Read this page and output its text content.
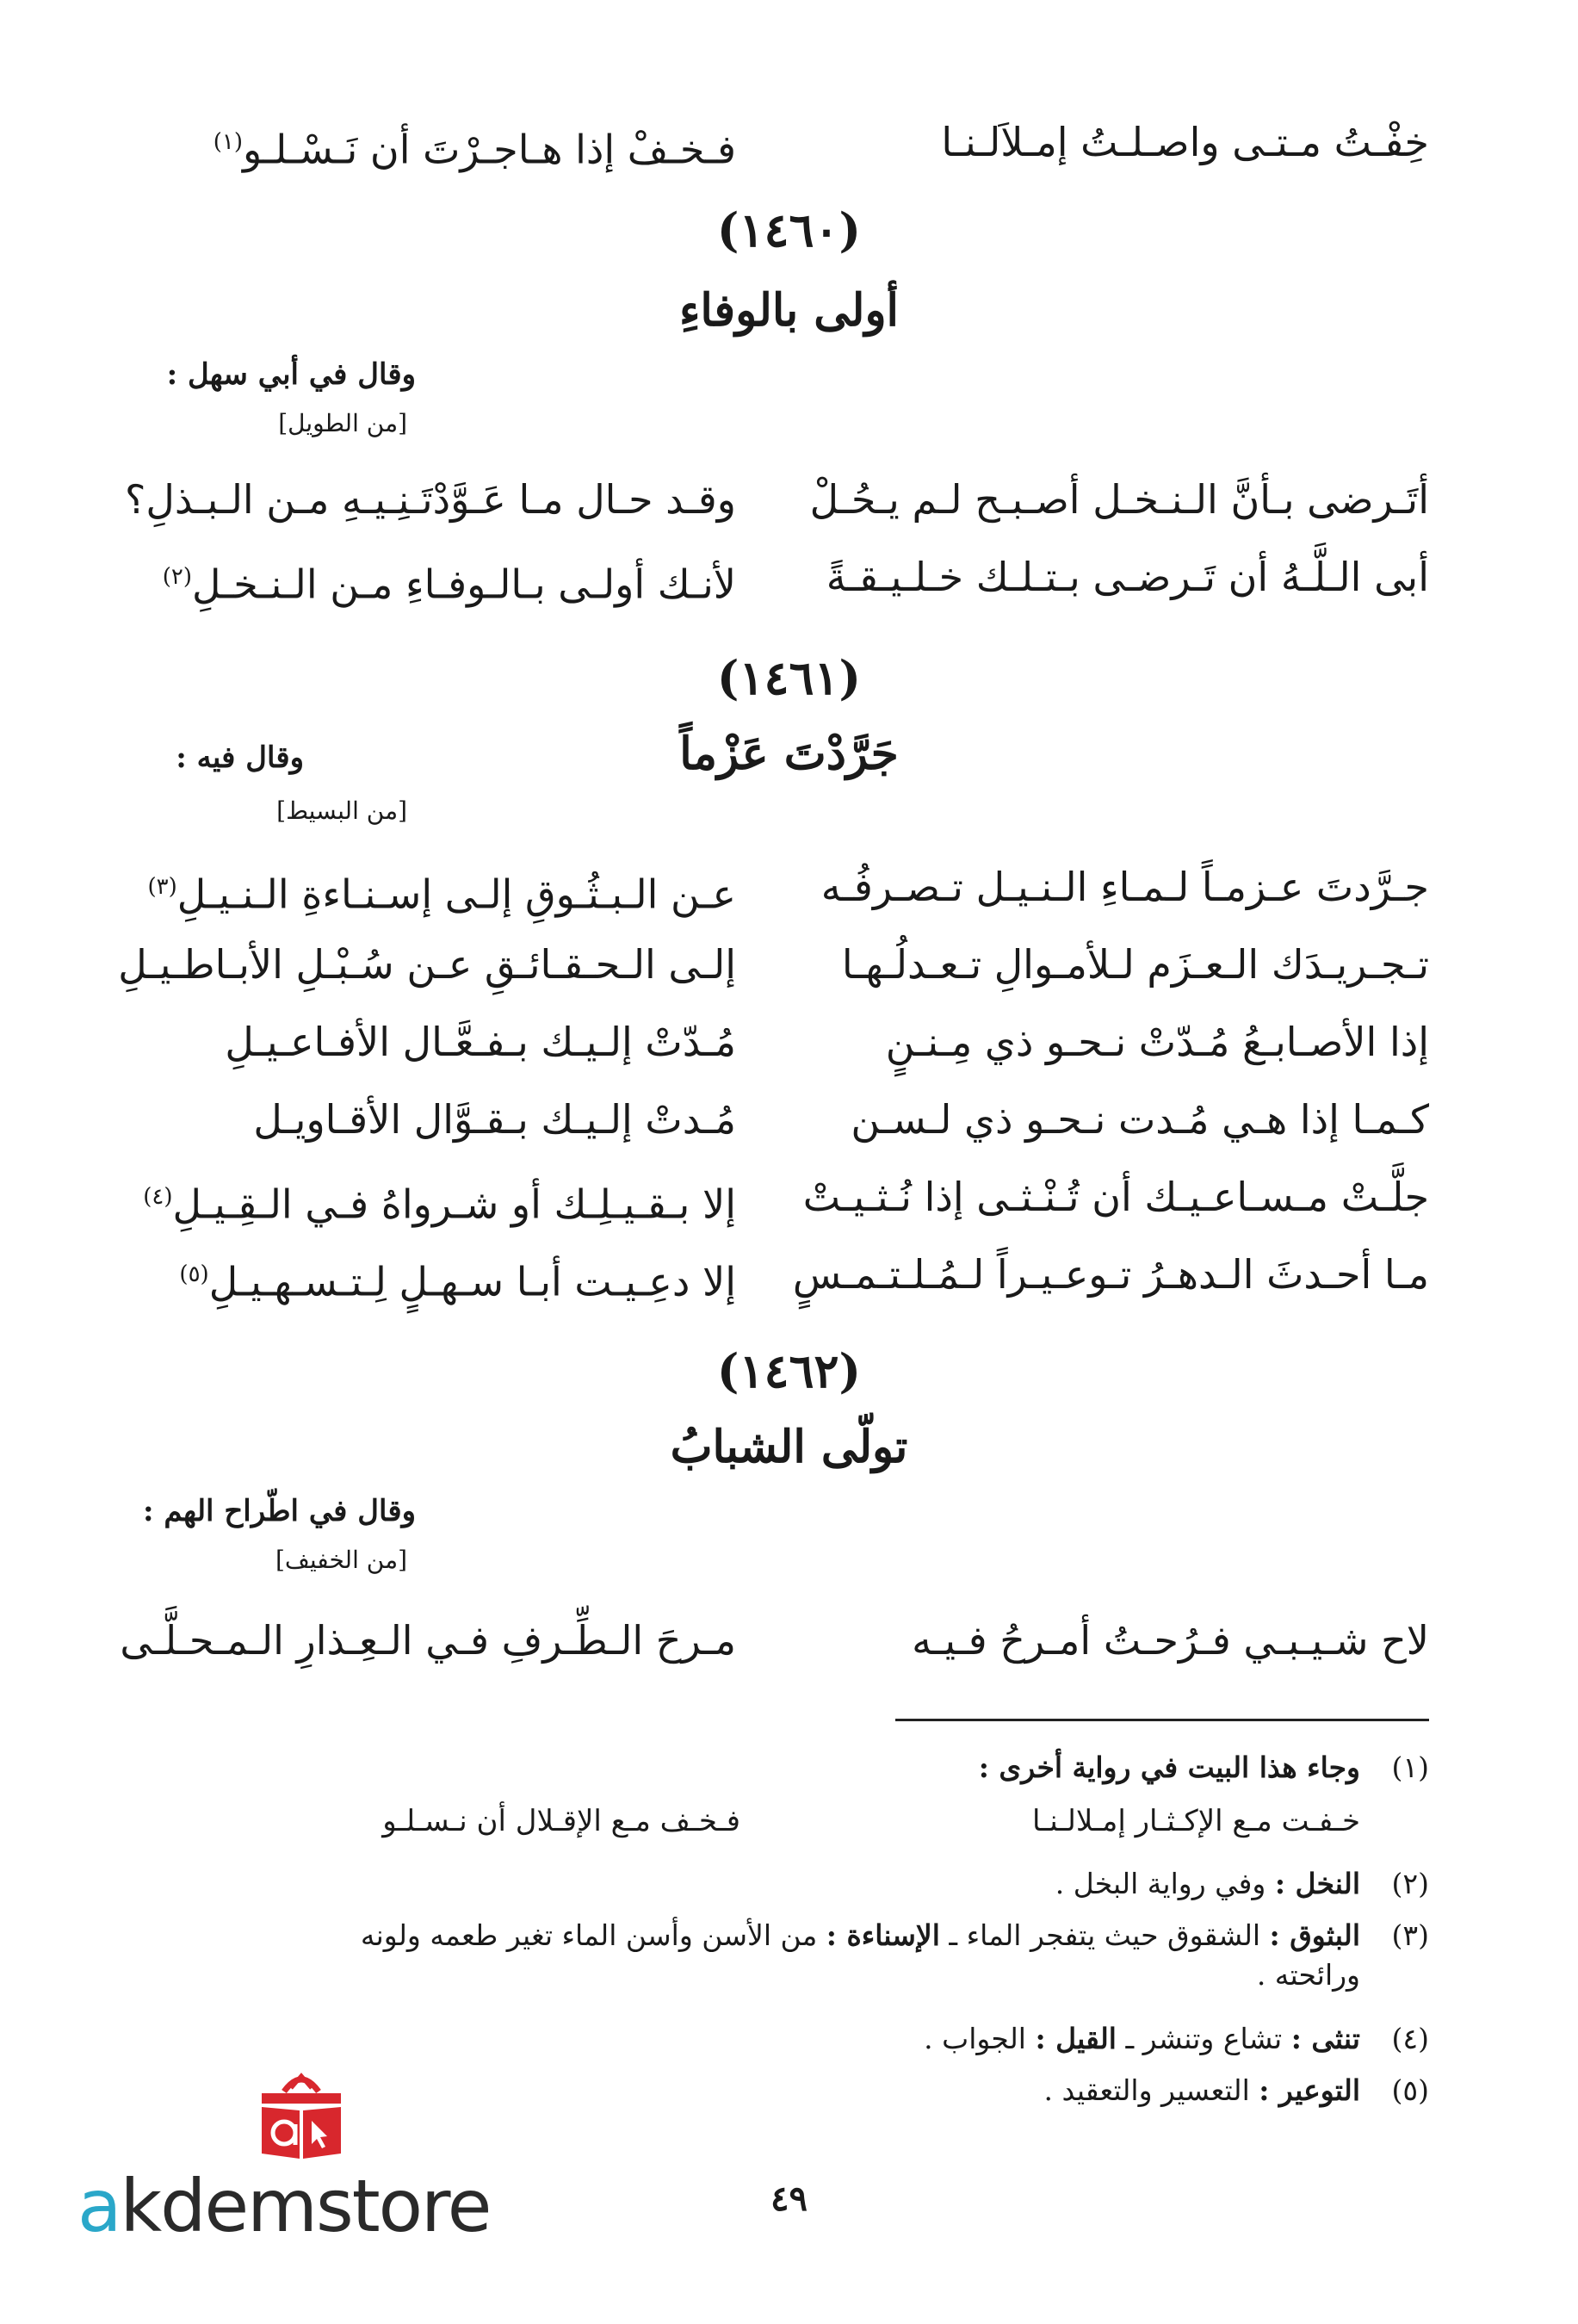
خِفْـتُ مـتـى واصـلـتُ إمـلاَلـنـا
فـخـفْ إذا هـاجـرْتَ أن نَـسْـلـو$^{(١)}$
(١٤٦٠)
أولى بالوفاءِ
وقال في أبي سهل :
[من الطويل]
أتَـرضى بـأنَّ الـنـخـل أصـبـح لـم يـحُـلْ
وقـد حـال مـا عَـوَّدْتَـنِـيـهِ مـن الـبـذلِ؟
أبى الـلَّـهُ أن تَـرضـى بـتـلـك خـلـيـقـةً
لأنـك أولـى بـالـوفـاءِ مـن الـنـخـلِ$^{(٢)}$
(١٤٦١)
جَرَّدْتَ عَزْماً
وقال فيه :
[من البسيط]
جـرَّدتَ عـزمـاً لـمـاءِ الـنـيـل تـصـرفُـه
عـن الـبـثُـوقِ إلـى إسـنـاءةِ الـنـيـلِ$^{(٣)}$
تـجـريـدَك الـعـزَم لـلأمـوالِ تـعـدلُـهـا
إلـى الـحـقـائـقِ عـن سُـبْـلِ الأبـاطـيـلِ
إذا الأصـابـعُ مُـدّتْ نـحـو ذي مِـنـنٍ
مُـدّتْ إلـيـك بـفـعَّـال الأفـاعـيـلِ
كـمـا إذا هـي مُـدت نـحـو ذي لـسـن
مُـدتْ إلـيـك بـقـوَّال الأقـاويـل
جلَّـتْ مـسـاعـيـك أن تُـنْـثـى إذا نُـثـيـتْ
إلا بـقـيـلِـك أو شـرواهُ فـي الـقِـيـلِ$^{(٤)}$
مـا أحـدثَ الـدهـرُ تـوعـيـراً لـمُـلـتـمـسٍ
إلا دعِـيـت أبـا سـهـلٍ لِـتـسـهـيـلِ$^{(٥)}$
(١٤٦٢)
تولّى الشبابُ
وقال في اطّراح الهم :
[من الخفيف]
لاح شـيـبـي فـرُحـتُ أمـرحُ فـيـه
مـرحَ الـطِّـرفِ فـي الـعِـذارِ الـمـحـلَّـى
(١)
وجاء هذا البيت في رواية أخرى :
خـفـت مـع الإكـثـار إمـلالـنـا
فـخـف مـع الإقـلال أن نـسـلـو
(٢)
النخل : وفي رواية البخل .
(٣)
البثوق : الشقوق حيث يتفجر الماء ـ الإسناءة : من الأسن وأسن الماء تغير طعمه ولونه
ورائحته .
(٤)
تنثى : تشاع وتنشر ـ القيل : الجواب .
(٥)
التوعير : التعسير والتعقيد .
٤٩
akdemstore
